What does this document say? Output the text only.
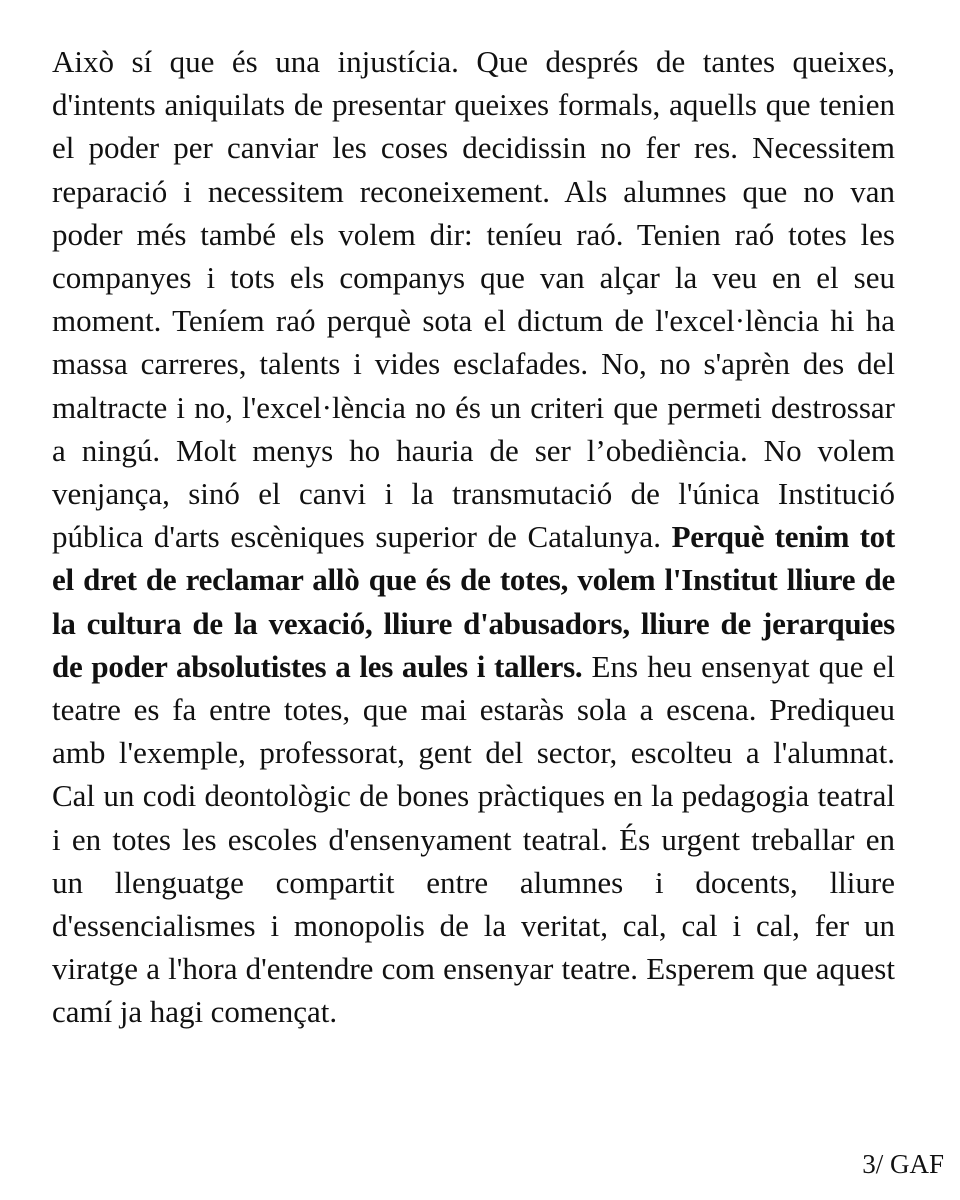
Això sí que és una injustícia. Que després de tantes queixes, d'intents aniquilats de presentar queixes formals, aquells que tenien el poder per canviar les coses decidissin no fer res. Necessitem reparació i necessitem reconeixement. Als alumnes que no van poder més també els volem dir: teníeu raó. Tenien raó totes les companyes i tots els companys que van alçar la veu en el seu moment. Teníem raó perquè sota el dictum de l'excel·lència hi ha massa carreres, talents i vides esclafades. No, no s'aprèn des del maltracte i no, l'excel·lència no és un criteri que permeti destrossar a ningú. Molt menys ho hauria de ser l’obediència. No volem venjança, sinó el canvi i la transmutació de l'única Institució pública d'arts escèniques superior de Catalunya. Perquè tenim tot el dret de reclamar allò que és de totes, volem l'Institut lliure de la cultura de la vexació, lliure d'abusadors, lliure de jerarquies de poder absolutistes a les aules i tallers. Ens heu ensenyat que el teatre es fa entre totes, que mai estaràs sola a escena. Prediqueu amb l'exemple, professorat, gent del sector, escolteu a l'alumnat. Cal un codi deontològic de bones pràctiques en la pedagogia teatral i en totes les escoles d'ensenyament teatral. És urgent treballar en un llenguatge compartit entre alumnes i docents, lliure d'essencialismes i monopolis de la veritat, cal, cal i cal, fer un viratge a l'hora d'entendre com ensenyar teatre. Esperem que aquest camí ja hagi començat.

3/ GAF
